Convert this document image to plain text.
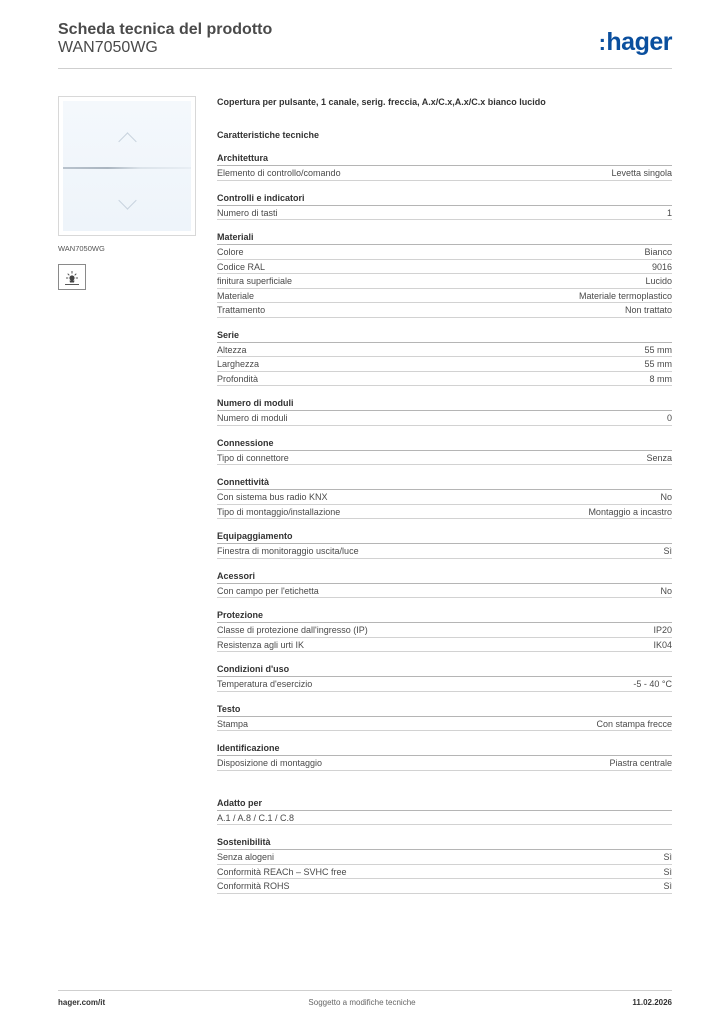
Scheda tecnica del prodotto
WAN7050WG	:hager
WAN7050WG
Copertura per pulsante, 1 canale, serig. freccia, A.x/C.x,A.x/C.x bianco lucido
Caratteristiche tecniche
Architettura
Elemento di controllo/comando	Levetta singola
Controlli e indicatori
Numero di tasti	1
Materiali
Colore	Bianco
Codice RAL	9016
finitura superficiale	Lucido
Materiale	Materiale termoplastico
Trattamento	Non trattato
Serie
Altezza	55 mm
Larghezza	55 mm
Profondità	8 mm
Numero di moduli
Numero di moduli	0
Connessione
Tipo di connettore	Senza
Connettività
Con sistema bus radio KNX	No
Tipo di montaggio/installazione	Montaggio a incastro
Equipaggiamento
Finestra di monitoraggio uscita/luce	Sì
Acessori
Con campo per l'etichetta	No
Protezione
Classe di protezione dall'ingresso (IP)	IP20
Resistenza agli urti IK	IK04
Condizioni d'uso
Temperatura d'esercizio	-5 - 40 °C
Testo
Stampa	Con stampa frecce
Identificazione
Disposizione di montaggio	Piastra centrale
Adatto per
A.1 / A.8 / C.1 / C.8
Sostenibilità
Senza alogeni	Sì
Conformità REACh – SVHC free	Sì
Conformità ROHS	Sì
hager.com/it	Soggetto a modifiche tecniche	11.02.2026
